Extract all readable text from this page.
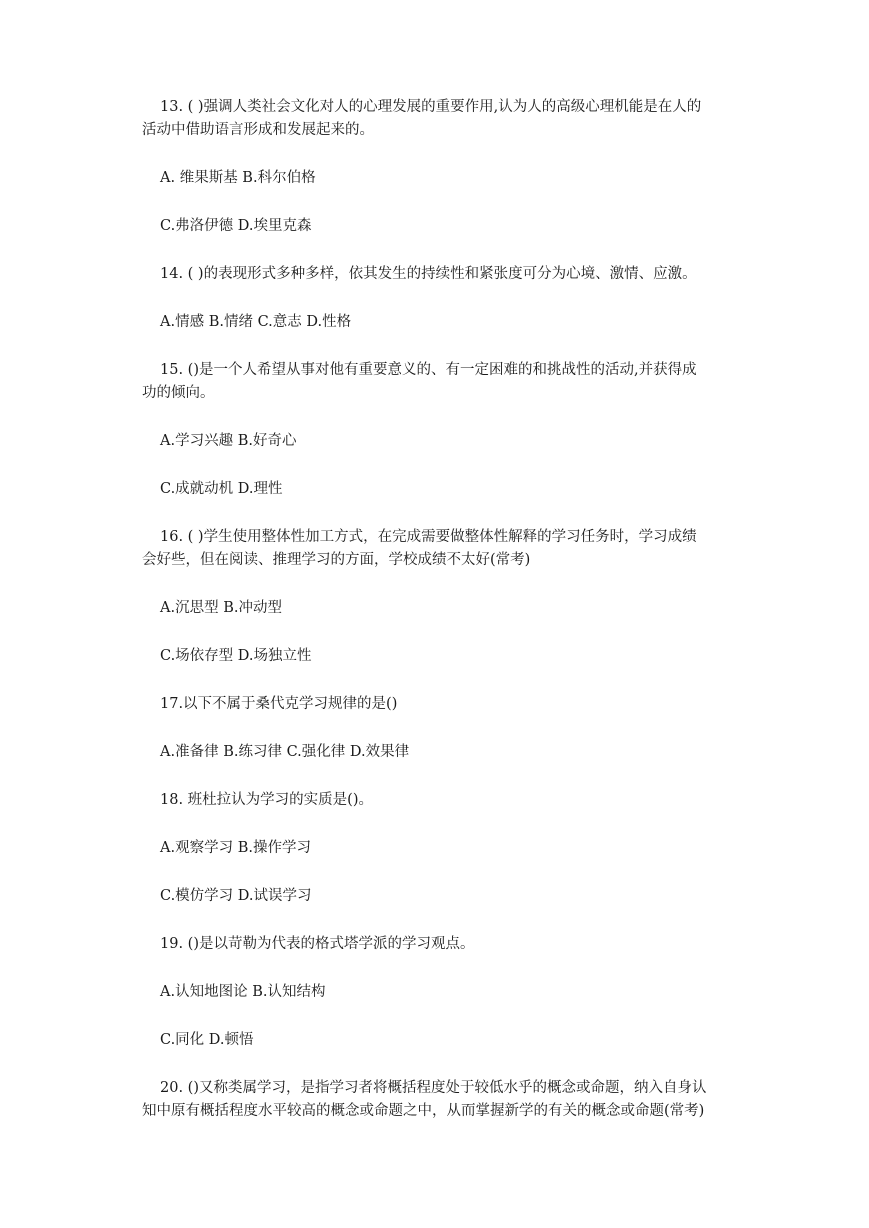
13. ( )强调人类社会文化对人的心理发展的重要作用,认为人的高级心理机能是在人的
活动中借助语言形成和发展起来的。

A. 维果斯基 B.科尔伯格

C.弗洛伊德 D.埃里克森

14. ( )的表现形式多种多样，依其发生的持续性和紧张度可分为心境、激情、应激。

A.情感 B.情绪 C.意志 D.性格

15. ()是一个人希望从事对他有重要意义的、有一定困难的和挑战性的活动,并获得成
功的倾向。

A.学习兴趣 B.好奇心

C.成就动机 D.理性

16. ( )学生使用整体性加工方式，在完成需要做整体性解释的学习任务时，学习成绩
会好些，但在阅读、推理学习的方面，学校成绩不太好(常考)

A.沉思型 B.冲动型

C.场依存型 D.场独立性

17.以下不属于桑代克学习规律的是()

A.准备律 B.练习律 C.强化律 D.效果律

18. 班杜拉认为学习的实质是()。

A.观察学习 B.操作学习

C.模仿学习 D.试误学习

19. ()是以苛勒为代表的格式塔学派的学习观点。

A.认知地图论 B.认知结构

C.同化 D.顿悟

20. ()又称类属学习，是指学习者将概括程度处于较低水乎的概念或命题，纳入自身认
知中原有概括程度水平较高的概念或命题之中，从而掌握新学的有关的概念或命题(常考)
